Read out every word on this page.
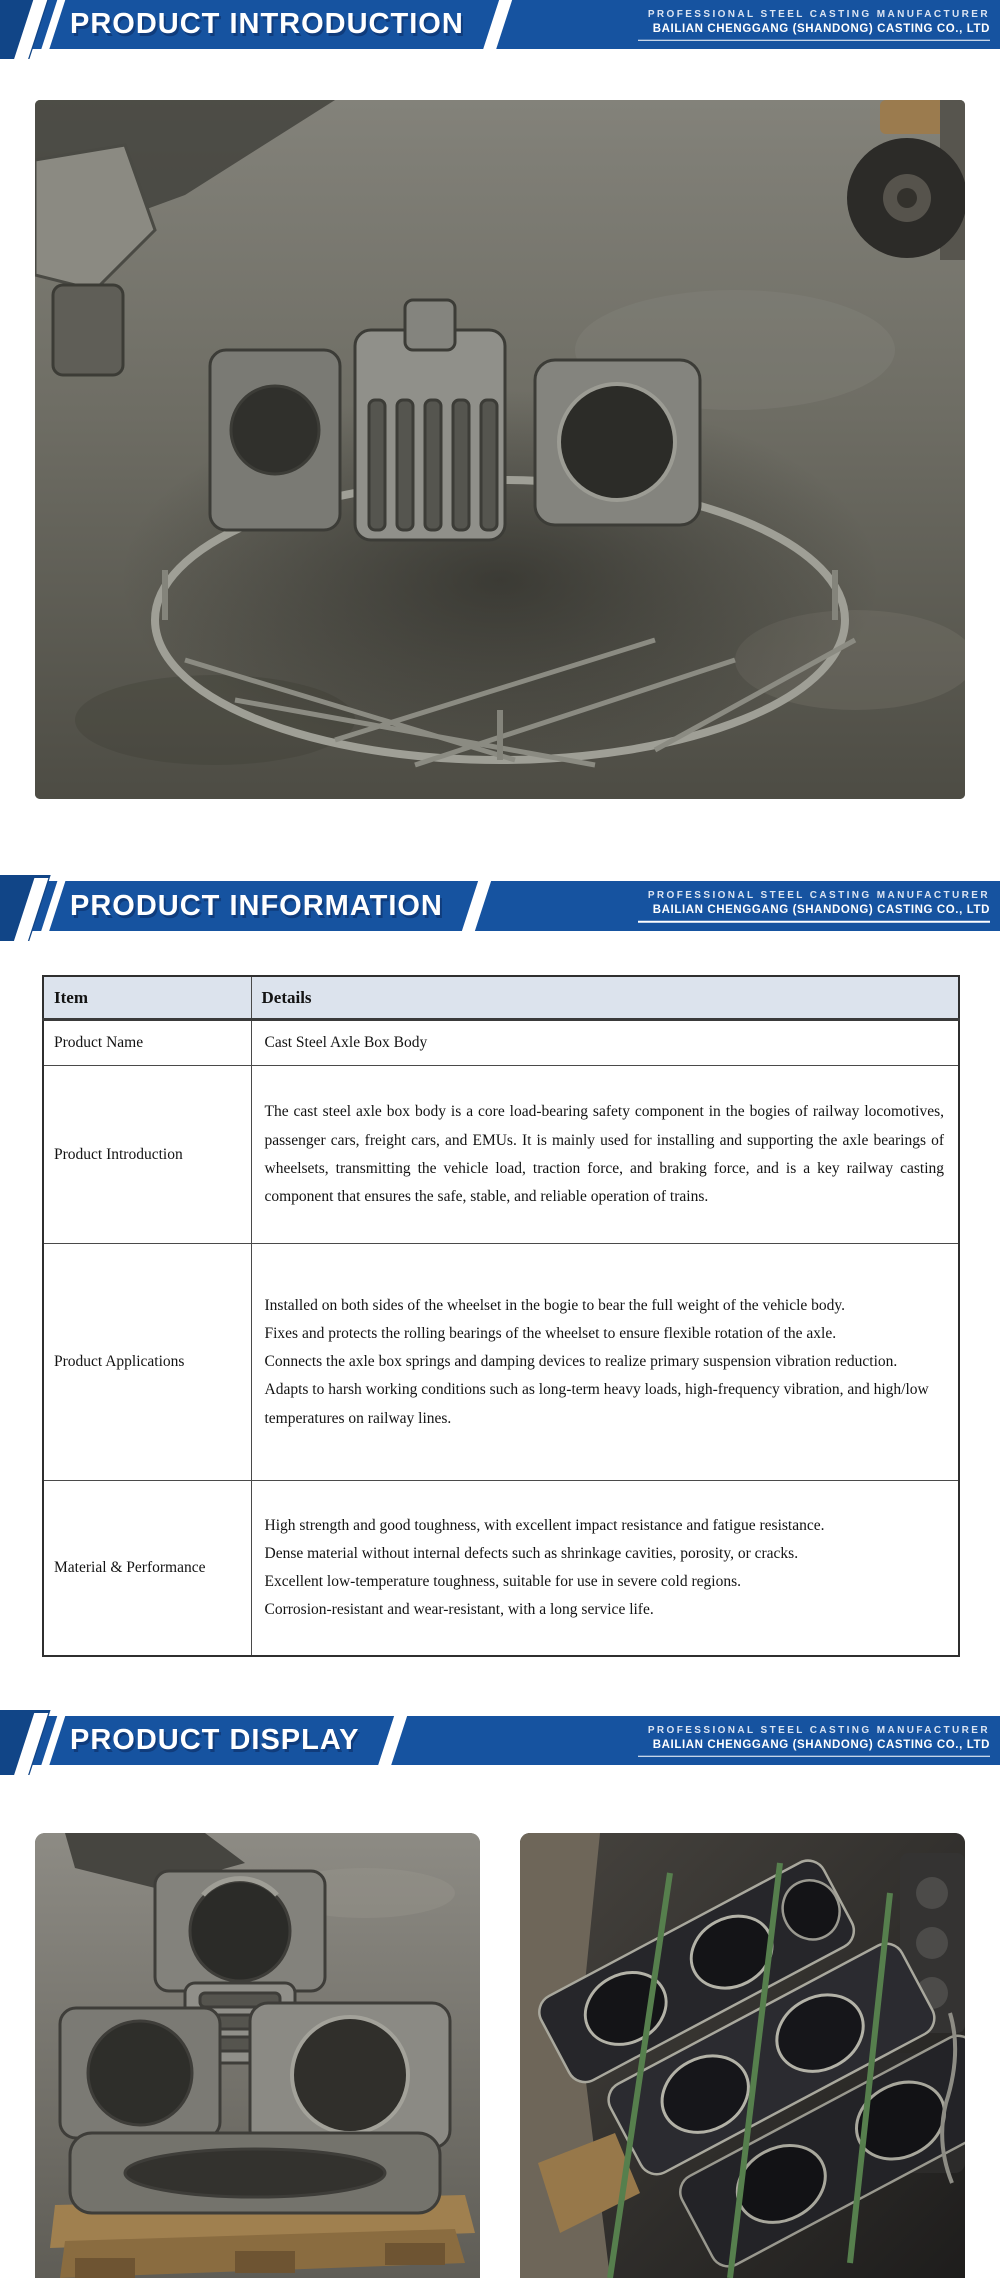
PRODUCT INTRODUCTION	PROFESSIONAL STEEL CASTING MANUFACTURER
BAILIAN CHENGGANG (SHANDONG) CASTING CO., LTD
PRODUCT INFORMATION	PROFESSIONAL STEEL CASTING MANUFACTURER
BAILIAN CHENGGANG (SHANDONG) CASTING CO., LTD
Item	Details
Product Name	Cast Steel Axle Box Body

Product Introduction	The cast steel axle box body is a core load-bearing safety component in the bogies of railway locomotives, passenger cars, freight cars, and EMUs. It is mainly used for installing and supporting the axle bearings of wheelsets, transmitting the vehicle load, traction force, and braking force, and is a key railway casting component that ensures the safe, stable, and reliable operation of trains.

Product Applications	Installed on both sides of the wheelset in the bogie to bear the full weight of the vehicle body.

Fixes and protects the rolling bearings of the wheelset to ensure flexible rotation of the axle.

Connects the axle box springs and damping devices to realize primary suspension vibration reduction.

Adapts to harsh working conditions such as long-term heavy loads, high-frequency vibration, and high/low temperatures on railway lines.

Material & Performance	High strength and good toughness, with excellent impact resistance and fatigue resistance.

Dense material without internal defects such as shrinkage cavities, porosity, or cracks.

Excellent low-temperature toughness, suitable for use in severe cold regions.

Corrosion-resistant and wear-resistant, with a long service life.

PRODUCT DISPLAY	PROFESSIONAL STEEL CASTING MANUFACTURER
BAILIAN CHENGGANG (SHANDONG) CASTING CO., LTD
